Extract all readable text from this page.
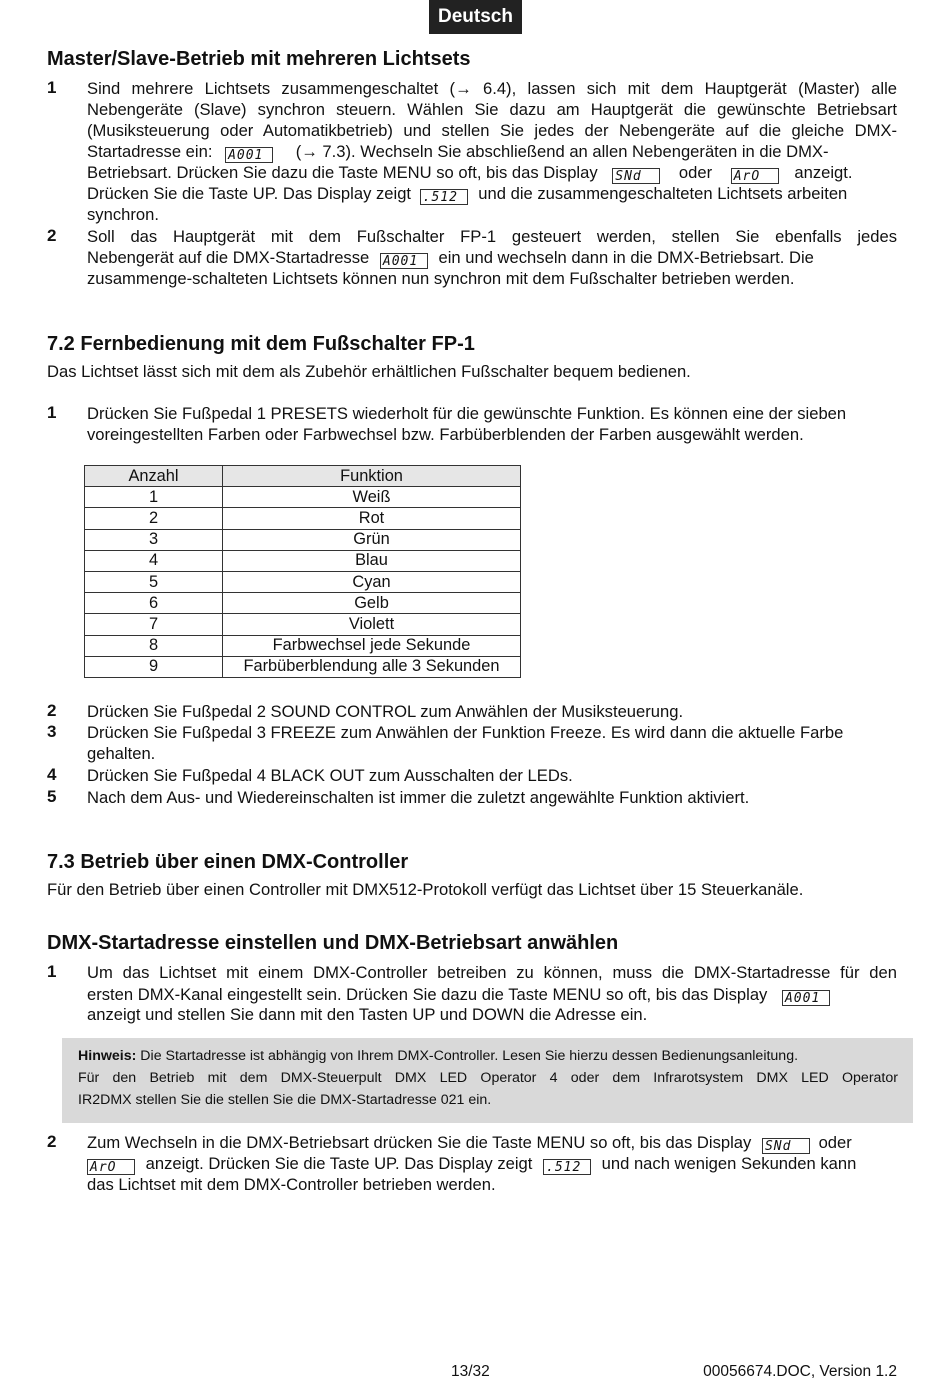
Deutsch
Master/Slave-Betrieb mit mehreren Lichtsets
1 Sind mehrere Lichtsets zusammengeschaltet (→ 6.4), lassen sich mit dem Hauptgerät (Master) alle
Nebengeräte (Slave) synchron steuern. Wählen Sie dazu am Hauptgerät die gewünschte Betriebsart
(Musiksteuerung oder Automatikbetrieb) und stellen Sie jedes der Nebengeräte auf die gleiche DMX-
Startadresse ein: A001 (→ 7.3). Wechseln Sie abschließend an allen Nebengeräten in die DMX-
Betriebsart. Drücken Sie dazu die Taste MENU so oft, bis das Display SNd oder ArO anzeigt.
Drücken Sie die Taste UP. Das Display zeigt .512 und die zusammengeschalteten Lichtsets arbeiten
synchron.
2 Soll das Hauptgerät mit dem Fußschalter FP-1 gesteuert werden, stellen Sie ebenfalls jedes
Nebengerät auf die DMX-Startadresse A001 ein und wechseln dann in die DMX-Betriebsart. Die
zusammenge-schalteten Lichtsets können nun synchron mit dem Fußschalter betrieben werden.
7.2 Fernbedienung mit dem Fußschalter FP-1
Das Lichtset lässt sich mit dem als Zubehör erhältlichen Fußschalter bequem bedienen.
1 Drücken Sie Fußpedal 1 PRESETS wiederholt für die gewünschte Funktion. Es können eine der sieben
voreingestellten Farben oder Farbwechsel bzw. Farbüberblenden der Farben ausgewählt werden.
Anzahl	Funktion
1	Weiß
2	Rot
3	Grün
4	Blau
5	Cyan
6	Gelb
7	Violett
8	Farbwechsel jede Sekunde
9	Farbüberblendung alle 3 Sekunden
2 Drücken Sie Fußpedal 2 SOUND CONTROL zum Anwählen der Musiksteuerung.
3 Drücken Sie Fußpedal 3 FREEZE zum Anwählen der Funktion Freeze. Es wird dann die aktuelle Farbe
gehalten.
4 Drücken Sie Fußpedal 4 BLACK OUT zum Ausschalten der LEDs.
5 Nach dem Aus- und Wiedereinschalten ist immer die zuletzt angewählte Funktion aktiviert.
7.3 Betrieb über einen DMX-Controller
Für den Betrieb über einen Controller mit DMX512-Protokoll verfügt das Lichtset über 15 Steuerkanäle.
DMX-Startadresse einstellen und DMX-Betriebsart anwählen
1 Um das Lichtset mit einem DMX-Controller betreiben zu können, muss die DMX-Startadresse für den
ersten DMX-Kanal eingestellt sein. Drücken Sie dazu die Taste MENU so oft, bis das Display A001
anzeigt und stellen Sie dann mit den Tasten UP und DOWN die Adresse ein.
Hinweis: Die Startadresse ist abhängig von Ihrem DMX-Controller. Lesen Sie hierzu dessen Bedienungsanleitung.
Für den Betrieb mit dem DMX-Steuerpult DMX LED Operator 4 oder dem Infrarotsystem DMX LED Operator
IR2DMX stellen Sie die stellen Sie die DMX-Startadresse 021 ein.
2 Zum Wechseln in die DMX-Betriebsart drücken Sie die Taste MENU so oft, bis das Display SNd oder
ArO anzeigt. Drücken Sie die Taste UP. Das Display zeigt .512 und nach wenigen Sekunden kann
das Lichtset mit dem DMX-Controller betrieben werden.
13/32	00056674.DOC, Version 1.2
